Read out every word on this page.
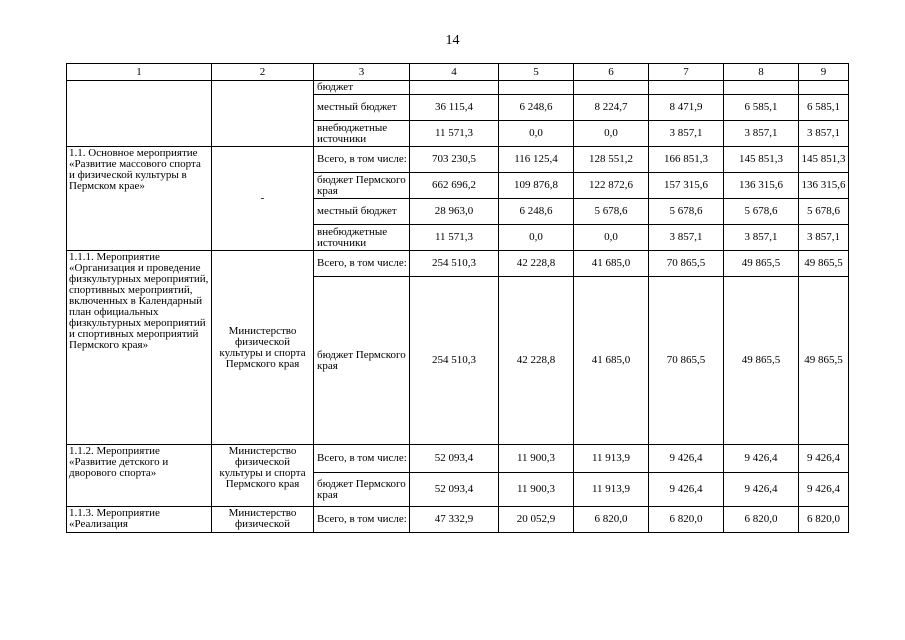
14
1	2	3	4	5	6	7	8	9
		бюджет						
		местный бюджет	36 115,4	6 248,6	8 224,7	8 471,9	6 585,1	6 585,1
		внебюджетные источники	11 571,3	0,0	0,0	3 857,1	3 857,1	3 857,1
1.1. Основное мероприятие «Развитие массового спорта и физической культуры в Пермском крае»	-	Всего, в том числе:	703 230,5	116 125,4	128 551,2	166 851,3	145 851,3	145 851,3
		бюджет Пермского края	662 696,2	109 876,8	122 872,6	157 315,6	136 315,6	136 315,6
		местный бюджет	28 963,0	6 248,6	5 678,6	5 678,6	5 678,6	5 678,6
		внебюджетные источники	11 571,3	0,0	0,0	3 857,1	3 857,1	3 857,1
1.1.1. Мероприятие «Организация и проведение физкультурных мероприятий, спортивных мероприятий, включенных в Календарный план официальных физкультурных мероприятий и спортивных мероприятий Пермского края»	Министерство физической культуры и спорта Пермского края	Всего, в том числе:	254 510,3	42 228,8	41 685,0	70 865,5	49 865,5	49 865,5
		бюджет Пермского края	254 510,3	42 228,8	41 685,0	70 865,5	49 865,5	49 865,5
1.1.2. Мероприятие «Развитие детского и дворового спорта»	Министерство физической культуры и спорта Пермского края	Всего, в том числе:	52 093,4	11 900,3	11 913,9	9 426,4	9 426,4	9 426,4
		бюджет Пермского края	52 093,4	11 900,3	11 913,9	9 426,4	9 426,4	9 426,4
1.1.3. Мероприятие «Реализация	Министерство физической	Всего, в том числе:	47 332,9	20 052,9	6 820,0	6 820,0	6 820,0	6 820,0
